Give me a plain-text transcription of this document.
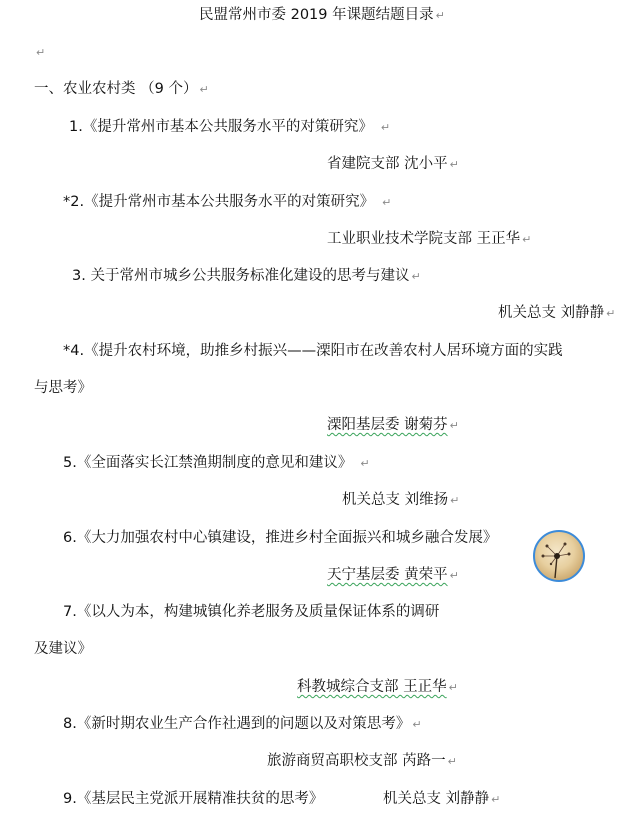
民盟常州市委 2019 年课题结题目录 ↵
↵
一、农业农村类 （9 个） ↵
1.《提升常州市基本公共服务水平的对策研究》 ↵
省建院支部 沈小平 ↵
*2.《提升常州市基本公共服务水平的对策研究》 ↵
工业职业技术学院支部 王正华 ↵
3. 关于常州市城乡公共服务标准化建设的思考与建议 ↵
机关总支 刘静静 ↵
*4.《提升农村环境，助推乡村振兴——溧阳市在改善农村人居环境方面的实践
与思考》
溧阳基层委 谢菊芬 ↵
5.《全面落实长江禁渔期制度的意见和建议》 ↵
机关总支 刘维扬 ↵
6.《大力加强农村中心镇建设，推进乡村全面振兴和城乡融合发展》
天宁基层委 黄荣平 ↵
7.《以人为本，构建城镇化养老服务及质量保证体系的调研
及建议》
科教城综合支部 王正华 ↵
8.《新时期农业生产合作社遇到的问题以及对策思考》 ↵
旅游商贸高职校支部 芮路一 ↵
9.《基层民主党派开展精准扶贫的思考》	机关总支 刘静静 ↵
